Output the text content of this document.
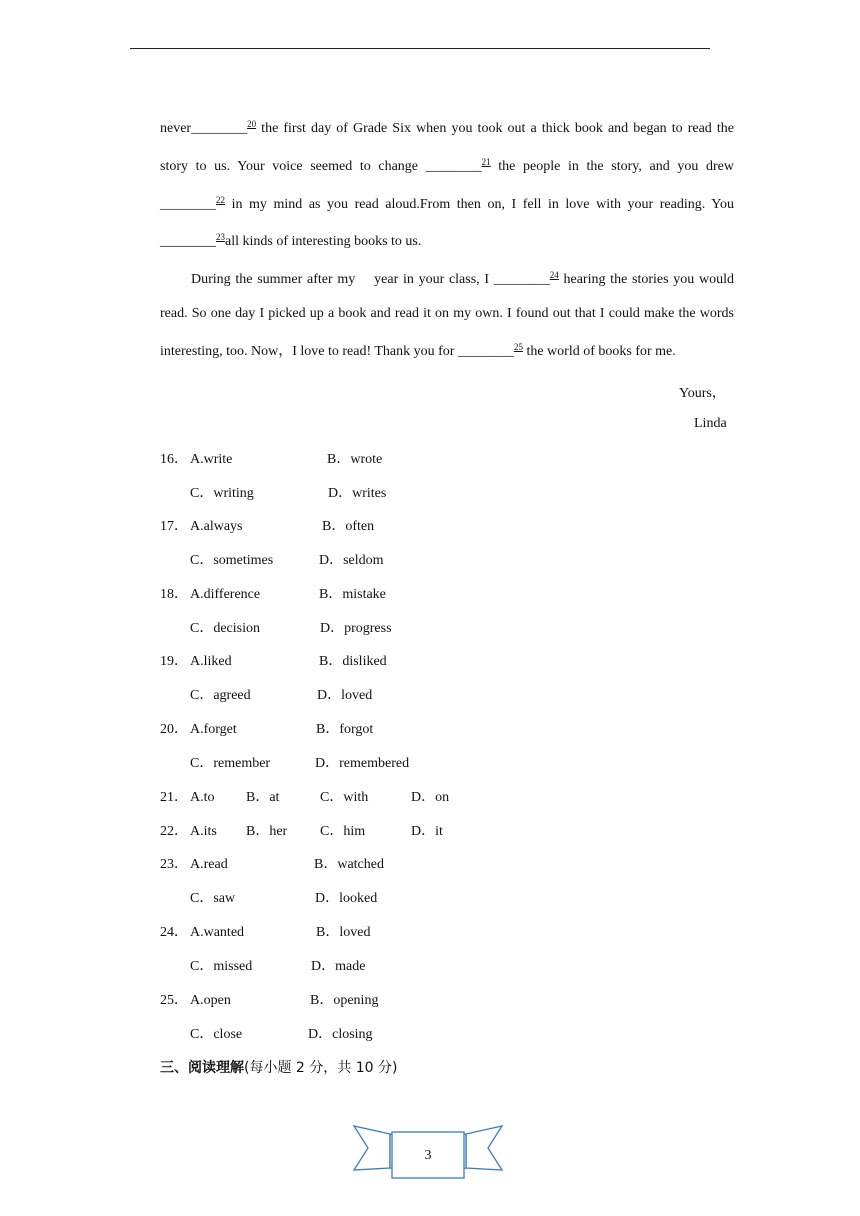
never________$^{20}$ the first day of Grade Six when you took out a thick book and began to read the story to us. Your voice seemed to change ________$^{21}$ the people in the story, and you drew ________$^{22}$ in my mind as you read aloud.From then on, I fell in love with your reading. You ________$^{23}$all kinds of interesting books to us.

During the summer after my    year in your class, I ________$^{24}$ hearing the stories you would read. So one day I picked up a book and read it on my own. I found out that I could make the words interesting, too. Now，I love to read! Thank you for ________$^{25}$ the world of books for me.

Yours，
Linda
16． A.write	B．wrote
C．writing	D．writes
17． A.always	B．often
C．sometimes	D．seldom
18． A.difference	B．mistake
C．decision	D．progress
19． A.liked	B．disliked
C．agreed	D．loved
20． A.forget	B．forgot
C．remember	D．remembered
21． A.to B．at	C．with	D．on
22． A.its B．her C．him	D．it
23． A.read	B．watched
C．saw	D．looked
24． A.wanted	B．loved
C．missed	D．made
25． A.open	B．opening
C．close	D．closing
三、阅读理解(每小题 2 分，共 10 分)
3
